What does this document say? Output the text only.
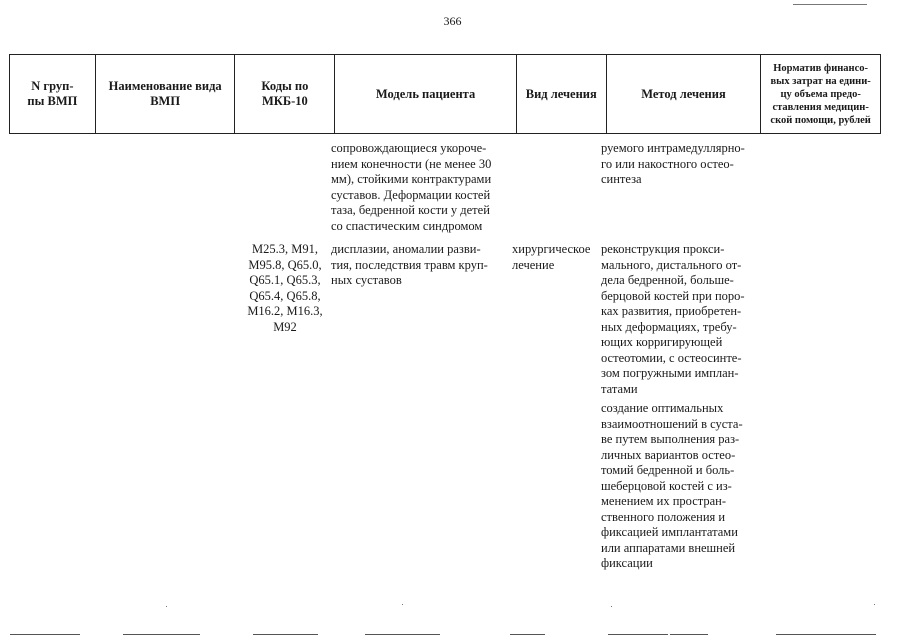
366
N груп-
пы ВМП
Наименование вида
ВМП
Коды по
МКБ-10
Модель пациента	Вид лечения	Метод лечения
Норматив финансо-
вых затрат на едини-
цу объема предо-
ставления медицин-
ской помощи, рублей
сопровождающиеся укороче-
нием конечности (не менее 30
мм), стойкими контрактурами
суставов. Деформации костей
таза, бедренной кости у детей
со спастическим синдромом
руемого интрамедуллярно-
го или накостного остео-
синтеза
M25.3, M91,
M95.8, Q65.0,
Q65.1, Q65.3,
Q65.4, Q65.8,
M16.2, M16.3,
M92
дисплазии, аномалии разви-
тия, последствия травм круп-
ных суставов
хирургическое
лечение
реконструкция прокси-
мального, дистального от-
дела бедренной, больше-
берцовой костей при поро-
ках развития, приобретен-
ных деформациях, требу-
ющих корригирующей
остеотомии, с остеосинте-
зом погружными имплан-
татами
создание оптимальных
взаимоотношений в суста-
ве путем выполнения раз-
личных вариантов остео-
томий бедренной и боль-
шеберцовой костей с из-
менением их простран-
ственного положения и
фиксацией имплантатами
или аппаратами внешней
фиксации
